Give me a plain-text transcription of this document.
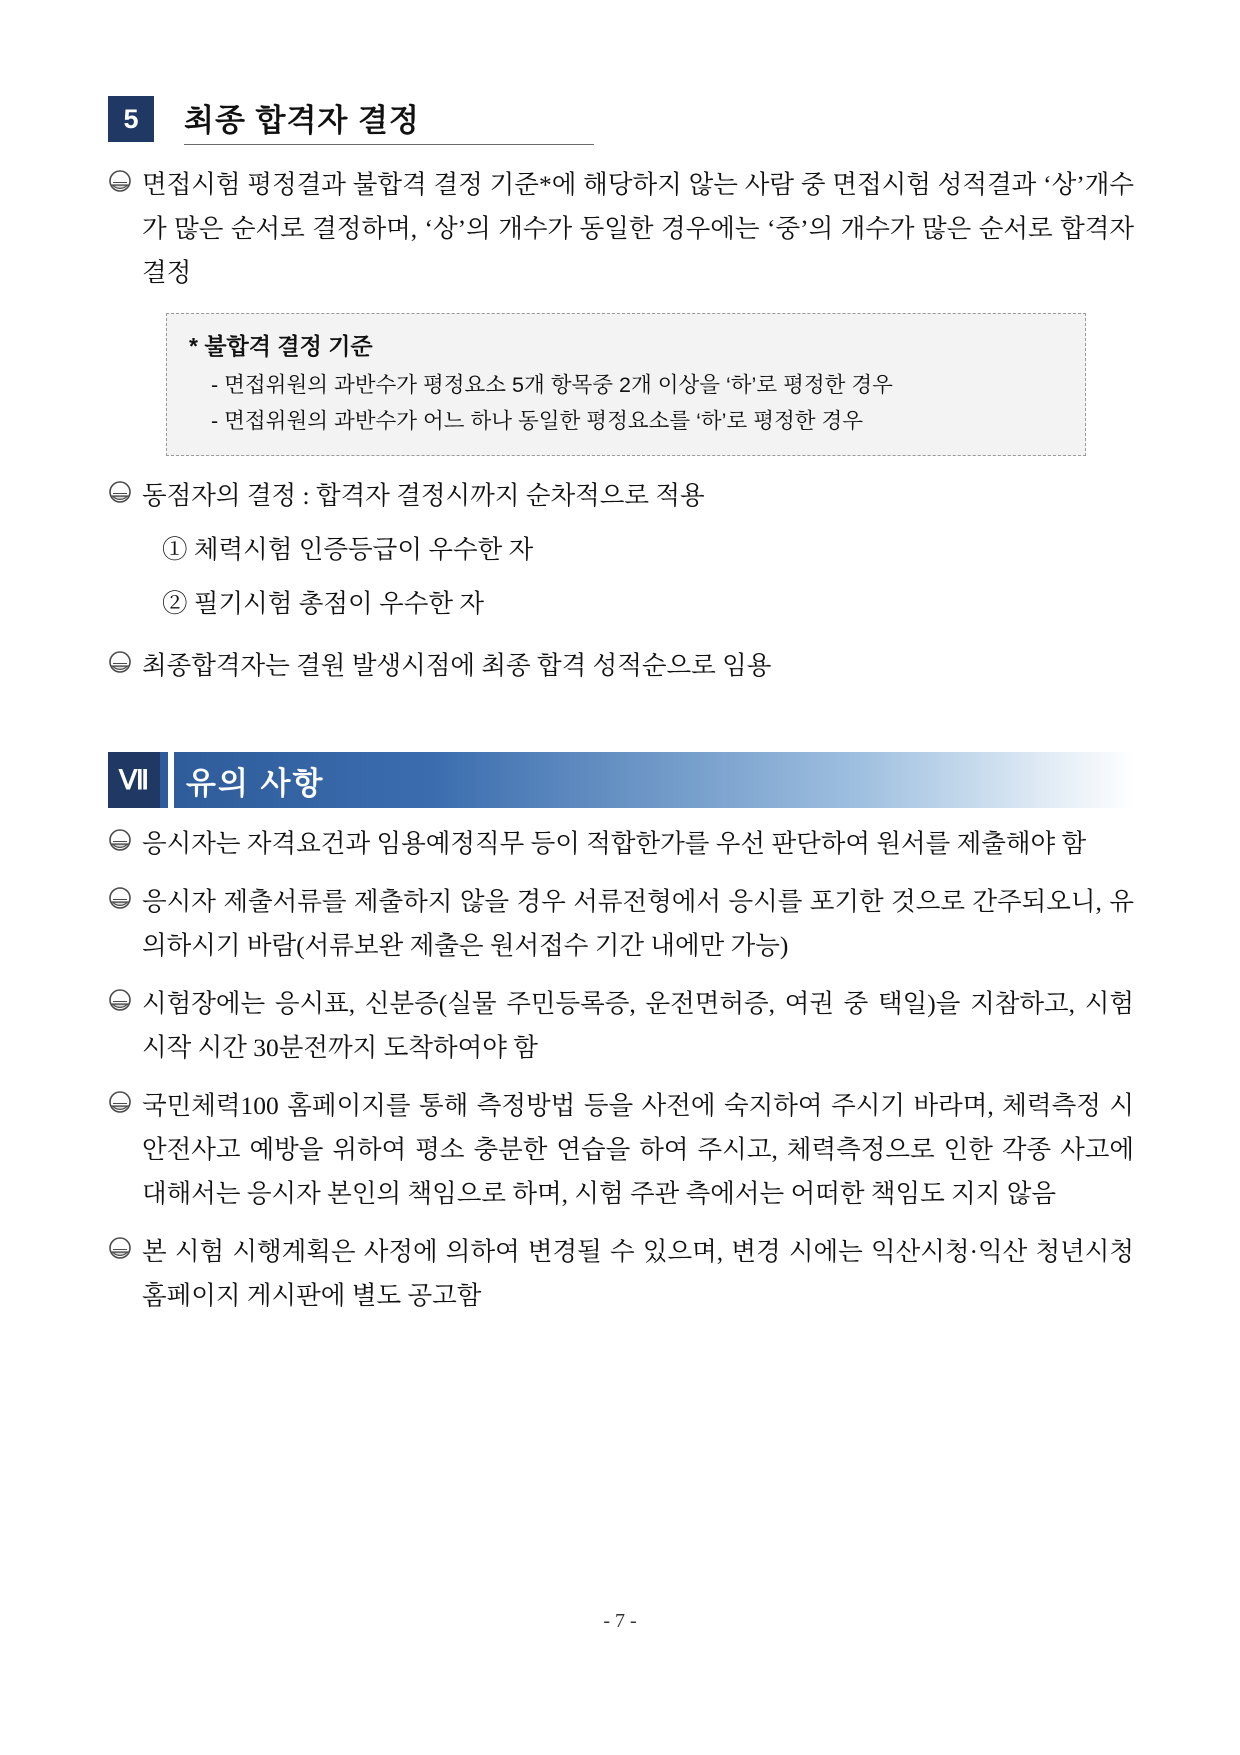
5	최종 합격자 결정
면접시험 평정결과 불합격 결정 기준*에 해당하지 않는 사람 중 면접시험 성적결과 ‘상’개수가 많은 순서로 결정하며, ‘상’의 개수가 동일한 경우에는 ‘중’의 개수가 많은 순서로 합격자 결정
* 불합격 결정 기준
- 면접위원의 과반수가 평정요소 5개 항목중 2개 이상을 ‘하’로 평정한 경우
- 면접위원의 과반수가 어느 하나 동일한 평정요소를 ‘하’로 평정한 경우
동점자의 결정 : 합격자 결정시까지 순차적으로 적용
① 체력시험 인증등급이 우수한 자
② 필기시험 총점이 우수한 자
최종합격자는 결원 발생시점에 최종 합격 성적순으로 임용
Ⅶ	유의 사항
응시자는 자격요건과 임용예정직무 등이 적합한가를 우선 판단하여 원서를 제출해야 함
응시자 제출서류를 제출하지 않을 경우 서류전형에서 응시를 포기한 것으로 간주되오니, 유의하시기 바람(서류보완 제출은 원서접수 기간 내에만 가능)
시험장에는 응시표, 신분증(실물 주민등록증, 운전면허증, 여권 중 택일)을 지참하고, 시험 시작 시간 30분전까지 도착하여야 함
국민체력100 홈페이지를 통해 측정방법 등을 사전에 숙지하여 주시기 바라며, 체력측정 시 안전사고 예방을 위하여 평소 충분한 연습을 하여 주시고, 체력측정으로 인한 각종 사고에 대해서는 응시자 본인의 책임으로 하며, 시험 주관 측에서는 어떠한 책임도 지지 않음
본 시험 시행계획은 사정에 의하여 변경될 수 있으며, 변경 시에는 익산시청·익산 청년시청 홈페이지 게시판에 별도 공고함
- 7 -
